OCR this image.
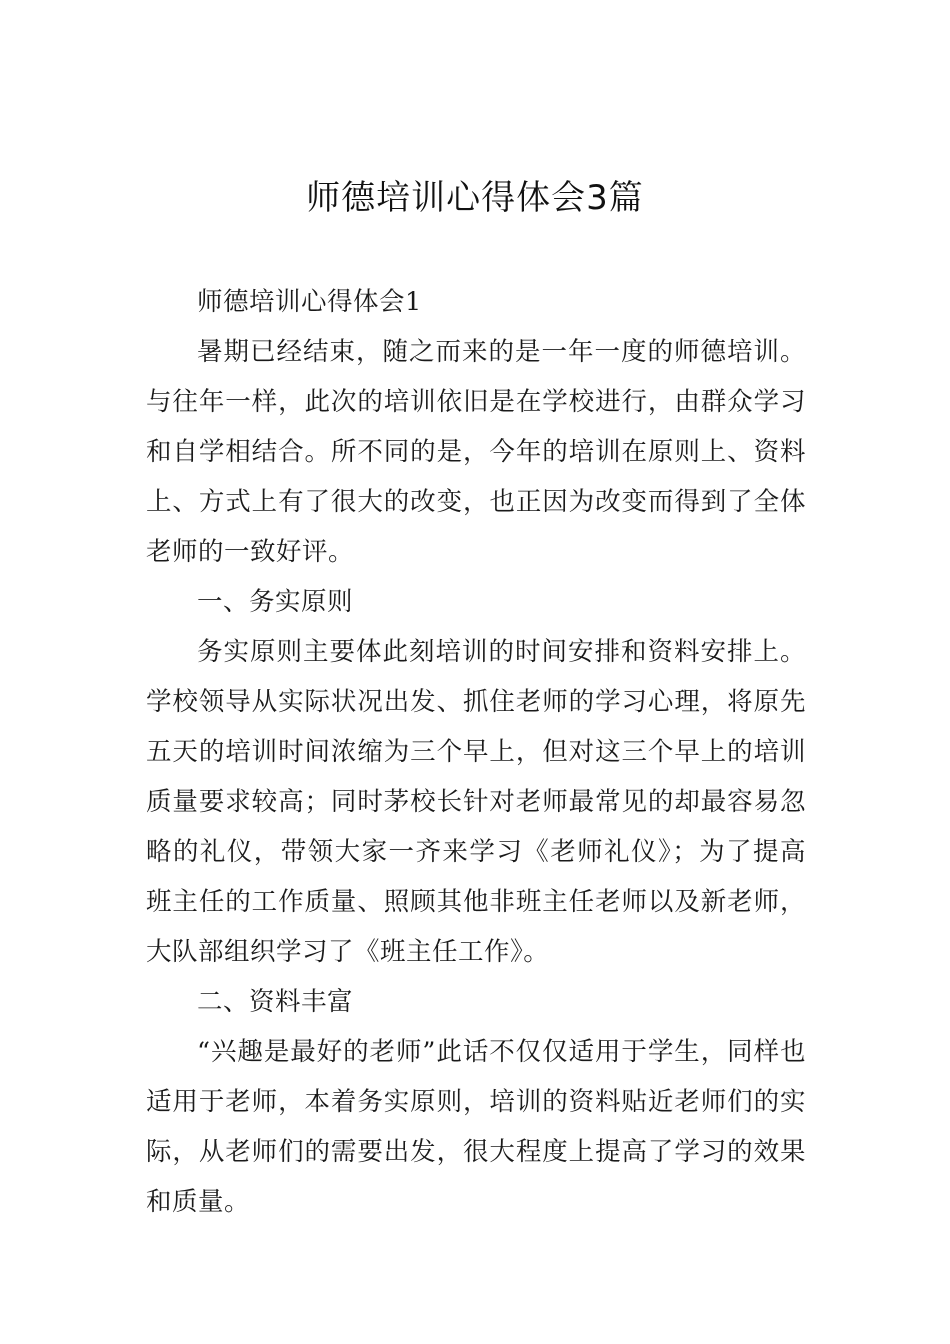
师德培训心得体会3篇

师德培训心得体会1

暑期已经结束，随之而来的是一年一度的师德培训。与往年一样，此次的培训依旧是在学校进行，由群众学习和自学相结合。所不同的是，今年的培训在原则上、资料上、方式上有了很大的改变，也正因为改变而得到了全体老师的一致好评。

一、务实原则

务实原则主要体此刻培训的时间安排和资料安排上。学校领导从实际状况出发、抓住老师的学习心理，将原先五天的培训时间浓缩为三个早上，但对这三个早上的培训质量要求较高；同时茅校长针对老师最常见的却最容易忽略的礼仪，带领大家一齐来学习《老师礼仪》；为了提高班主任的工作质量、照顾其他非班主任老师以及新老师，大队部组织学习了《班主任工作》。

二、资料丰富

“兴趣是最好的老师”此话不仅仅适用于学生，同样也适用于老师，本着务实原则，培训的资料贴近老师们的实际，从老师们的需要出发，很大程度上提高了学习的效果和质量。
